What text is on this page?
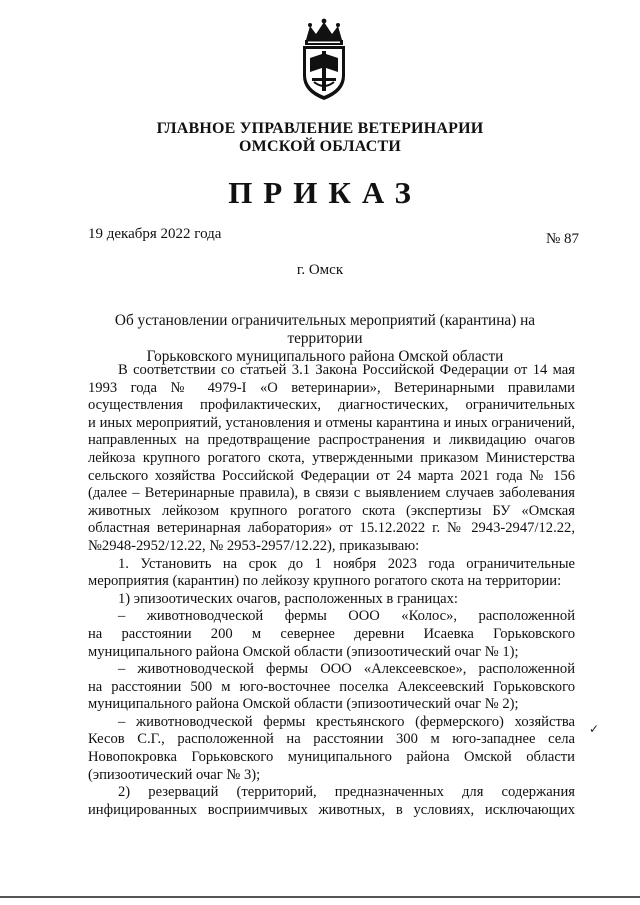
ГЛАВНОЕ УПРАВЛЕНИЕ ВЕТЕРИНАРИИ
ОМСКОЙ ОБЛАСТИ
ПРИКАЗ
19 декабря 2022 года	№ 87
г. Омск
Об установлении ограничительных мероприятий (карантина) на территории
Горьковского муниципального района Омской области

В соответствии со статьей 3.1 Закона Российской Федерации от 14 мая

1993 года № 4979-I «О ветеринарии», Ветеринарными правилами

осуществления профилактических, диагностических, ограничительных

и иных мероприятий, установления и отмены карантина и иных ограничений,

направленных на предотвращение распространения и ликвидацию очагов

лейкоза крупного рогатого скота, утвержденными приказом Министерства

сельского хозяйства Российской Федерации от 24 марта 2021 года № 156

(далее – Ветеринарные правила), в связи с выявлением случаев заболевания

животных лейкозом крупного рогатого скота (экспертизы БУ «Омская

областная ветеринарная лаборатория» от 15.12.2022 г. № 2943-2947/12.22,

№2948-2952/12.22, № 2953-2957/12.22), приказываю:

1. Установить на срок до 1 ноября 2023 года ограничительные

мероприятия (карантин) по лейкозу крупного рогатого скота на территории:

1) эпизоотических очагов, расположенных в границах:

– животноводческой фермы ООО «Колос», расположенной

на расстоянии 200 м севернее деревни Исаевка Горьковского

муниципального района Омской области (эпизоотический очаг № 1);

– животноводческой фермы ООО «Алексеевское», расположенной

на расстоянии 500 м юго-восточнее поселка Алексеевский Горьковского

муниципального района Омской области (эпизоотический очаг № 2);

– животноводческой фермы крестьянского (фермерского) хозяйства

Кесов С.Г., расположенной на расстоянии 300 м юго-западнее села

Новопокровка Горьковского муниципального района Омской области

(эпизоотический очаг № 3);

2) резерваций (территорий, предназначенных для содержания

инфицированных восприимчивых животных, в условиях, исключающих

✓
